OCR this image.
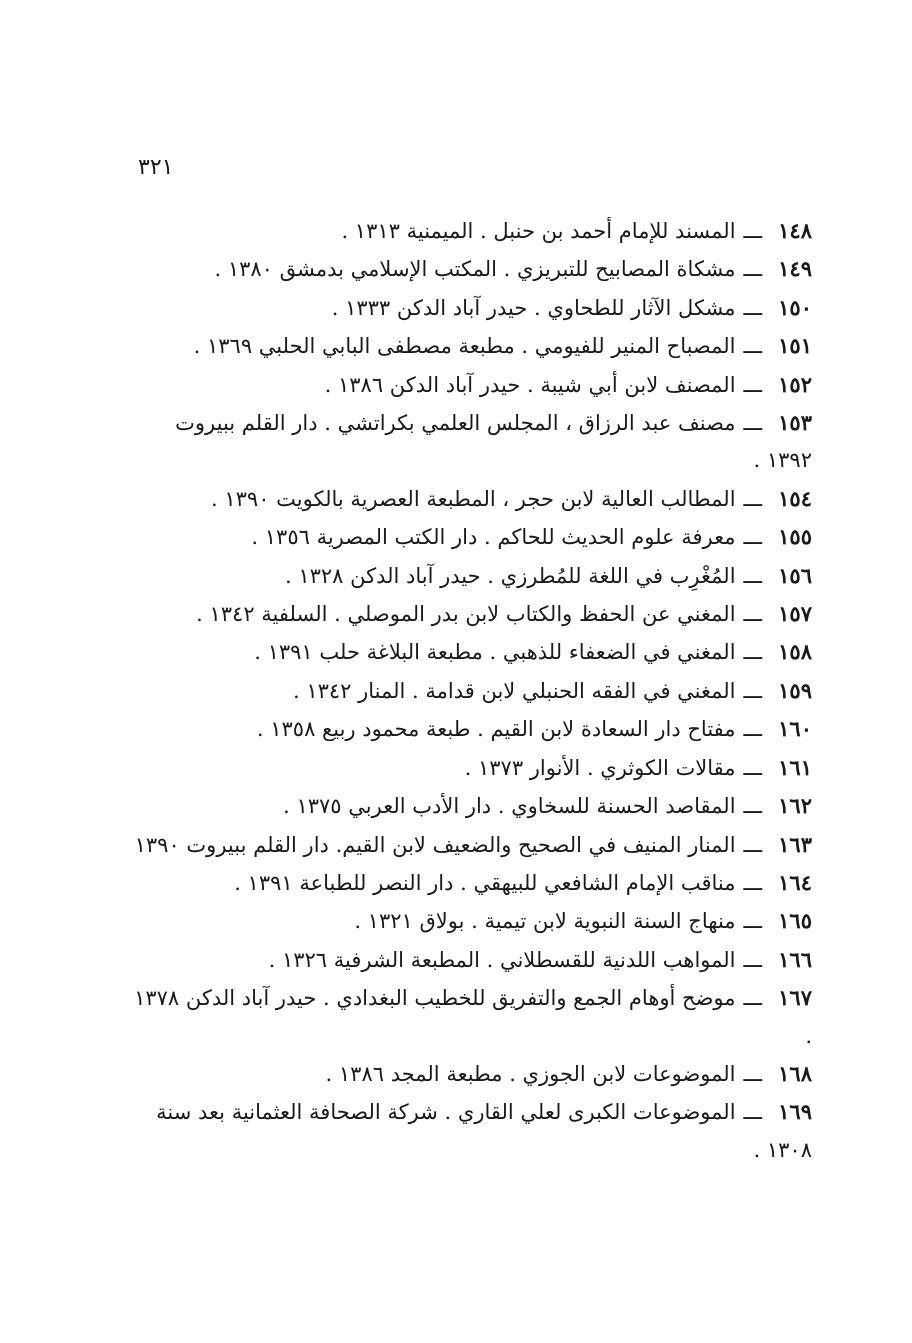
٣٢١
١٤٨ـــالمسند للإمام أحمد بن حنبل . الميمنية ١٣١٣ .
١٤٩ـــمشكاة المصابيح للتبريزي . المكتب الإسلامي بدمشق ١٣٨٠ .
١٥٠ـــمشكل الآثار للطحاوي . حيدر آباد الدكن ١٣٣٣ .
١٥١ـــالمصباح المنير للفيومي . مطبعة مصطفى البابي الحلبي ١٣٦٩ .
١٥٢ـــالمصنف لابن أبي شيبة . حيدر آباد الدكن ١٣٨٦ .
١٥٣ـــمصنف عبد الرزاق ، المجلس العلمي بكراتشي . دار القلم ببيروت ١٣٩٢ .
١٥٤ـــالمطالب العالية لابن حجر ، المطبعة العصرية بالكويت ١٣٩٠ .
١٥٥ـــمعرفة علوم الحديث للحاكم . دار الكتب المصرية ١٣٥٦ .
١٥٦ـــالمُغْرِب في اللغة للمُطرزي . حيدر آباد الدكن ١٣٢٨ .
١٥٧ـــالمغني عن الحفظ والكتاب لابن بدر الموصلي . السلفية ١٣٤٢ .
١٥٨ـــالمغني في الضعفاء للذهبي . مطبعة البلاغة حلب ١٣٩١ .
١٥٩ـــالمغني في الفقه الحنبلي لابن قدامة . المنار ١٣٤٢ .
١٦٠ـــمفتاح دار السعادة لابن القيم . طبعة محمود ربيع ١٣٥٨ .
١٦١ـــمقالات الكوثري . الأنوار ١٣٧٣ .
١٦٢ـــالمقاصد الحسنة للسخاوي . دار الأدب العربي ١٣٧٥ .
١٦٣ـــالمنار المنيف في الصحيح والضعيف لابن القيم. دار القلم ببيروت ١٣٩٠
١٦٤ـــمناقب الإمام الشافعي للبيهقي . دار النصر للطباعة ١٣٩١ .
١٦٥ـــمنهاج السنة النبوية لابن تيمية . بولاق ١٣٢١ .
١٦٦ـــالمواهب اللدنية للقسطلاني . المطبعة الشرفية ١٣٢٦ .
١٦٧ـــموضح أوهام الجمع والتفريق للخطيب البغدادي . حيدر آباد الدكن ١٣٧٨ .
١٦٨ـــالموضوعات لابن الجوزي . مطبعة المجد ١٣٨٦ .
١٦٩ـــالموضوعات الكبرى لعلي القاري . شركة الصحافة العثمانية بعد سنة ١٣٠٨ .
